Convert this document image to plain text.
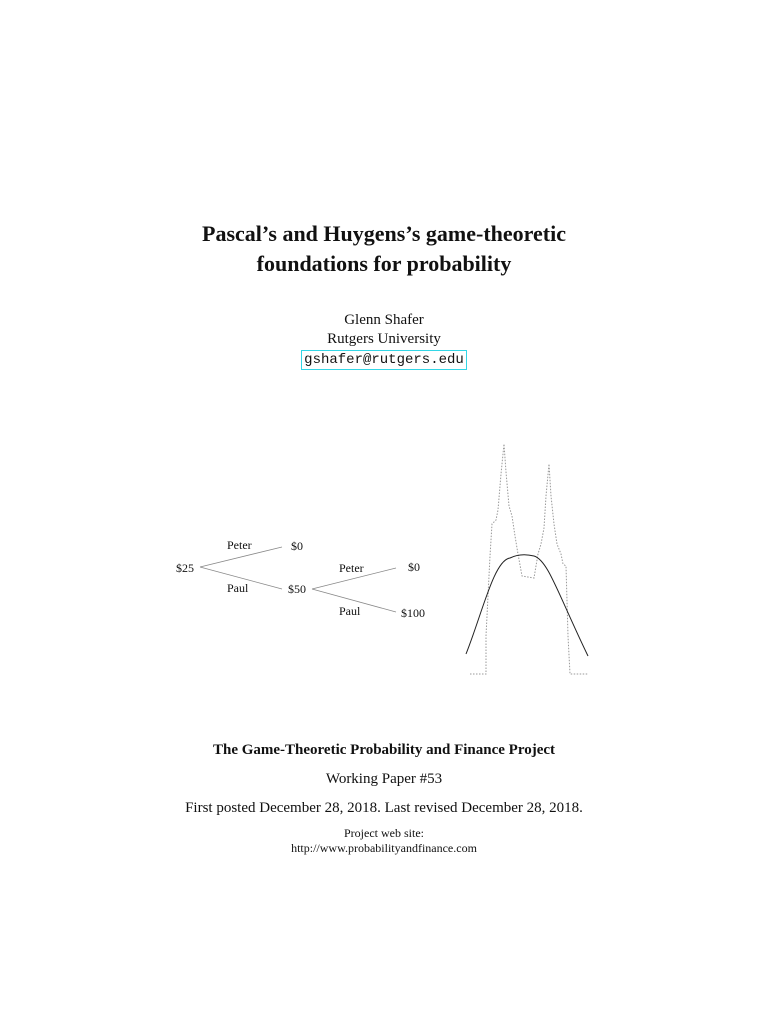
Pascal’s and Huygens’s game-theoretic
foundations for probability
Glenn Shafer
Rutgers University
gshafer@rutgers.edu
$25
Peter	$0
Paul	$50
Peter	$0
Paul	$100
The Game-Theoretic Probability and Finance Project
Working Paper #53
First posted December 28, 2018. Last revised December 28, 2018.
Project web site:
http://www.probabilityandfinance.com
